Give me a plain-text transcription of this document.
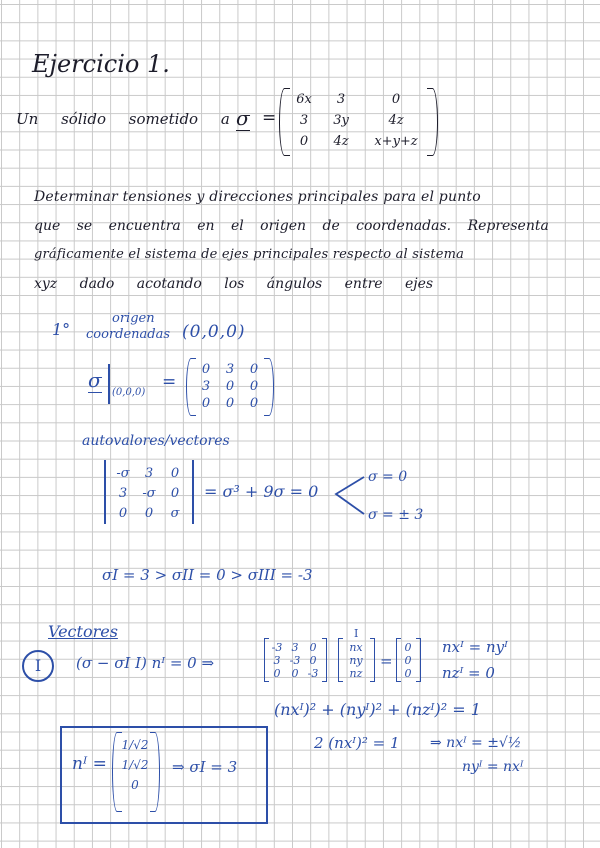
Ejercicio 1.
Un sólido sometido a σ =
6x	3	0
3	3y	4z
0	4z	x+y+z
Determinar tensiones y direcciones principales para el punto
que se encuentra en el origen de coordenadas. Representa
gráficamente el sistema de ejes principales respecto al sistema
xyz dado acotando los ángulos entre ejes
1°
origen
coordenadas (0,0,0)
σ
(0,0,0)
=
0	3	0
3	0	0
0	0	0
autovalores/vectores
-σ	3	0
3	-σ	0
0	0	σ
= σ³ + 9σ = 0
σ = 0
σ = ± 3
σI = 3 > σII = 0 > σIII = -3
Vectores
I	(σ − σI I) nᴵ = 0 ⇒
I
-3 3	0
3 -3 0
0	0 -3
nx
ny
nz
=
0
0
0
nxᴵ = nyᴵ
nzᴵ = 0
(nxᴵ)² + (nyᴵ)² + (nzᴵ)² = 1
2 (nxᴵ)² = 1 ⇒ nxᴵ = ±√½
nyᴵ = nxᴵ
nᴵ =
1/√2
1/√2
0
⇒ σI = 3
